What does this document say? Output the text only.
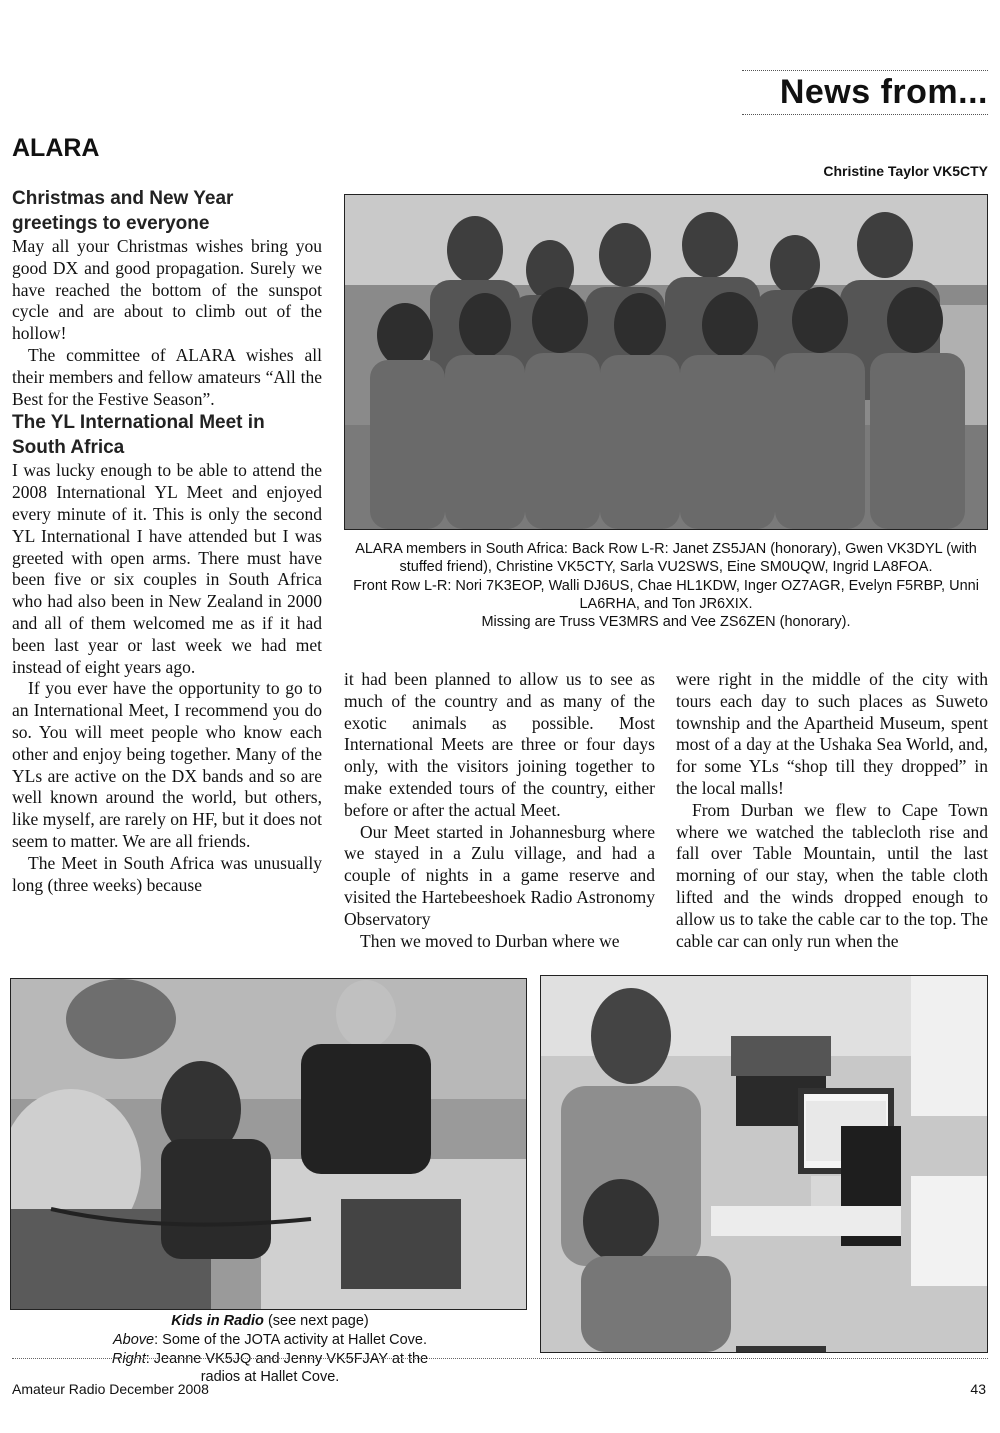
News from...
ALARA
Christine Taylor VK5CTY
Christmas and New Year greetings to everyone

May all your Christmas wishes bring you good DX and good propagation. Surely we have reached the bottom of the sunspot cycle and are about to climb out of the hollow!

The committee of ALARA wishes all their members and fellow amateurs “All the Best for the Festive Season”.

The YL International Meet in South Africa

I was lucky enough to be able to attend the 2008 International YL Meet and enjoyed every minute of it. This is only the second YL International I have attended but I was greeted with open arms. There must have been five or six couples in South Africa who had also been in New Zealand in 2000 and all of them welcomed me as if it had been last year or last week we had met instead of eight years ago.

If you ever have the opportunity to go to an International Meet, I recommend you do so. You will meet people who know each other and enjoy being together. Many of the YLs are active on the DX bands and so are well known around the world, but others, like myself, are rarely on HF, but it does not seem to matter. We are all friends.

The Meet in South Africa was unusually long (three weeks) because

ALARA members in South Africa: Back Row L-R: Janet ZS5JAN (honorary), Gwen VK3DYL (with stuffed friend), Christine VK5CTY, Sarla VU2SWS, Eine SM0UQW, Ingrid LA8FOA.
Front Row L-R: Nori 7K3EOP, Walli DJ6US, Chae HL1KDW, Inger OZ7AGR, Evelyn F5RBP, Unni LA6RHA, and Ton JR6XIX.
Missing are Truss VE3MRS and Vee ZS6ZEN (honorary).

it had been planned to allow us to see as much of the country and as many of the exotic animals as possible. Most International Meets are three or four days only, with the visitors joining together to make extended tours of the country, either before or after the actual Meet.

Our Meet started in Johannesburg where we stayed in a Zulu village, and had a couple of nights in a game reserve and visited the Hartebeeshoek Radio Astronomy Observatory

Then we moved to Durban where we

were right in the middle of the city with tours each day to such places as Suweto township and the Apartheid Museum, spent most of a day at the Ushaka Sea World, and, for some YLs “shop till they dropped” in the local malls!

From Durban we flew to Cape Town where we watched the tablecloth rise and fall over Table Mountain, until the last morning of our stay, when the table cloth lifted and the winds dropped enough to allow us to take the cable car to the top. The cable car can only run when the

Kids in Radio (see next page)
Above: Some of the JOTA activity at Hallet Cove.
Right: Jeanne VK5JQ and Jenny VK5FJAY at the radios at Hallet Cove.
Amateur Radio December 2008	43
